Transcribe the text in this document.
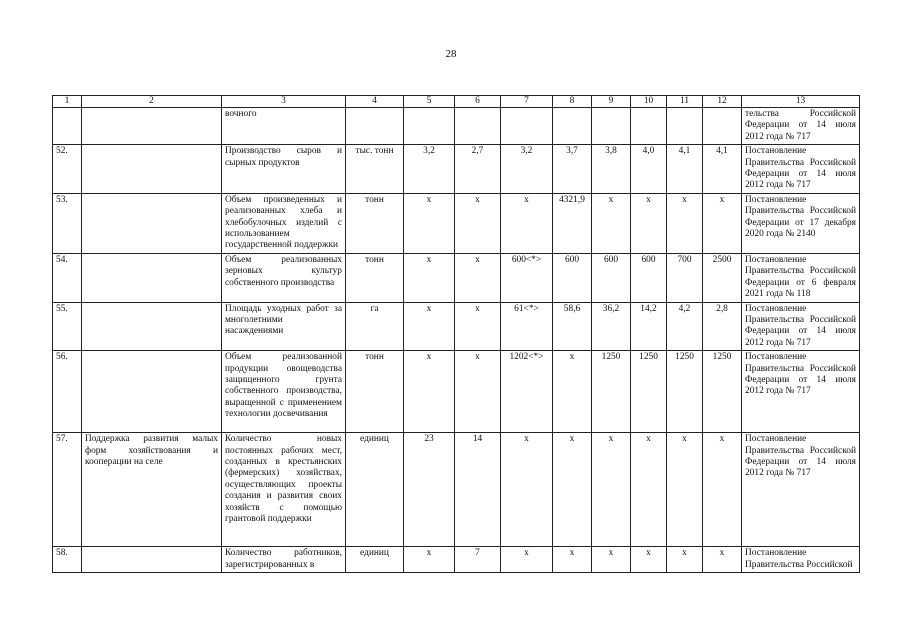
28
1	2	3	4	5	6	7	8	9	10	11	12	13
		вочного										тельства Российской Федерации от 14 июля 2012 года № 717
52.		Производство сыров и сырных продуктов	тыс. тонн	3,2	2,7	3,2	3,7	3,8	4,0	4,1	4,1	Постановление Правительства Российской Федерации от 14 июля 2012 года № 717
53.		Объем произведенных и реализованных хлеба и хлебобулочных изделий с использованием государственной поддержки	тонн	х	х	х	4321,9	х	х	х	х	Постановление Правительства Российской Федерации от 17 декабря 2020 года № 2140
54.		Объем реализованных зерновых культур собственного производства	тонн	х	х	600<*>	600	600	600	700	2500	Постановление Правительства Российской Федерации от 6 февраля 2021 года № 118
55.		Площадь уходных работ за многолетними насаждениями	га	х	х	61<*>	58,6	36,2	14,2	4,2	2,8	Постановление Правительства Российской Федерации от 14 июля 2012 года № 717
56.		Объем реализованной продукции овощеводства защищенного грунта собственного производства, выращенной с применением технологии досвечивания	тонн	х	х	1202<*>	х	1250	1250	1250	1250	Постановление Правительства Российской Федерации от 14 июля 2012 года № 717
57.	Поддержка развития малых форм хозяйствования и кооперации на селе	Количество новых постоянных рабочих мест, созданных в крестьянских (фермерских) хозяйствах, осуществляющих проекты создания и развития своих хозяйств с помощью грантовой поддержки	единиц	23	14	х	х	х	х	х	х	Постановление Правительства Российской Федерации от 14 июля 2012 года № 717
58.		Количество работников, зарегистрированных в	единиц	х	7	х	х	х	х	х	х	Постановление Правительства Российской
